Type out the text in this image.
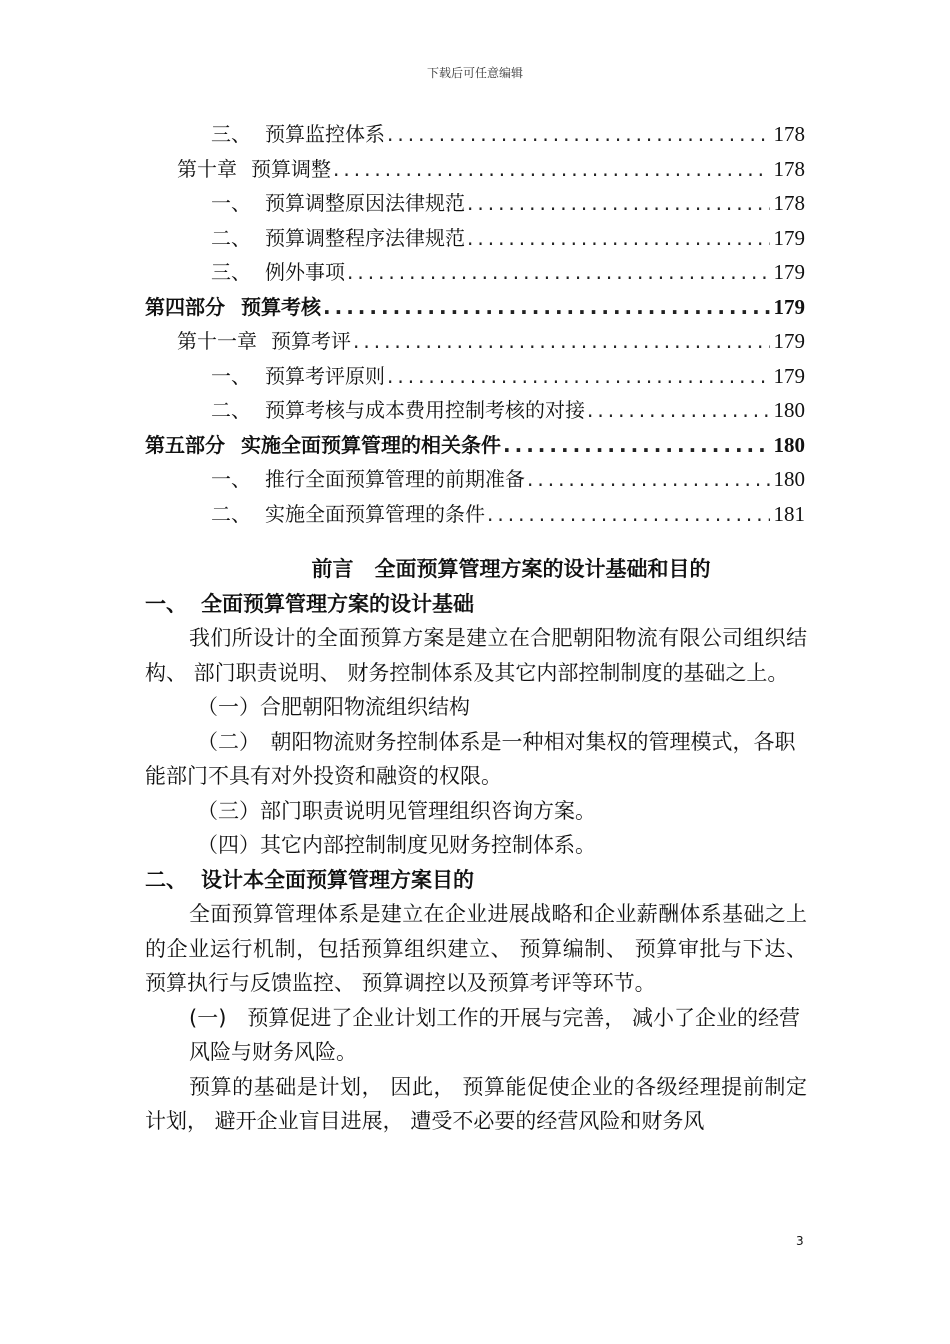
下载后可任意编辑
三、 预算监控体系 .....	178
第十章 预算调整 .....	178
一、 预算调整原因法律规范 .....	178
二、 预算调整程序法律规范 .....	179
三、 例外事项 .....	179
第四部分 预算考核 .....	179
第十一章 预算考评 .....	179
一、 预算考评原则 .....	179
二、 预算考核与成本费用控制考核的对接 .....	180
第五部分 实施全面预算管理的相关条件 .....	180
一、 推行全面预算管理的前期准备 .....	180
二、 实施全面预算管理的条件 .....	181

前言　全面预算管理方案的设计基础和目的

一、 全面预算管理方案的设计基础

我们所设计的全面预算方案是建立在合肥朝阳物流有限公司组织结构、 部门职责说明、 财务控制体系及其它内部控制制度的基础之上。

（一）合肥朝阳物流组织结构

（二）　朝阳物流财务控制体系是一种相对集权的管理模式，各职能部门不具有对外投资和融资的权限。

（三）部门职责说明见管理组织咨询方案。

（四）其它内部控制制度见财务控制体系。

二、 设计本全面预算管理方案目的

全面预算管理体系是建立在企业进展战略和企业薪酬体系基础之上的企业运行机制，包括预算组织建立、 预算编制、 预算审批与下达、 预算执行与反馈监控、 预算调控以及预算考评等环节。

(一)　预算促进了企业计划工作的开展与完善， 减小了企业的经营风险与财务风险。

预算的基础是计划， 因此， 预算能促使企业的各级经理提前制定计划， 避开企业盲目进展， 遭受不必要的经营风险和财务风

3
